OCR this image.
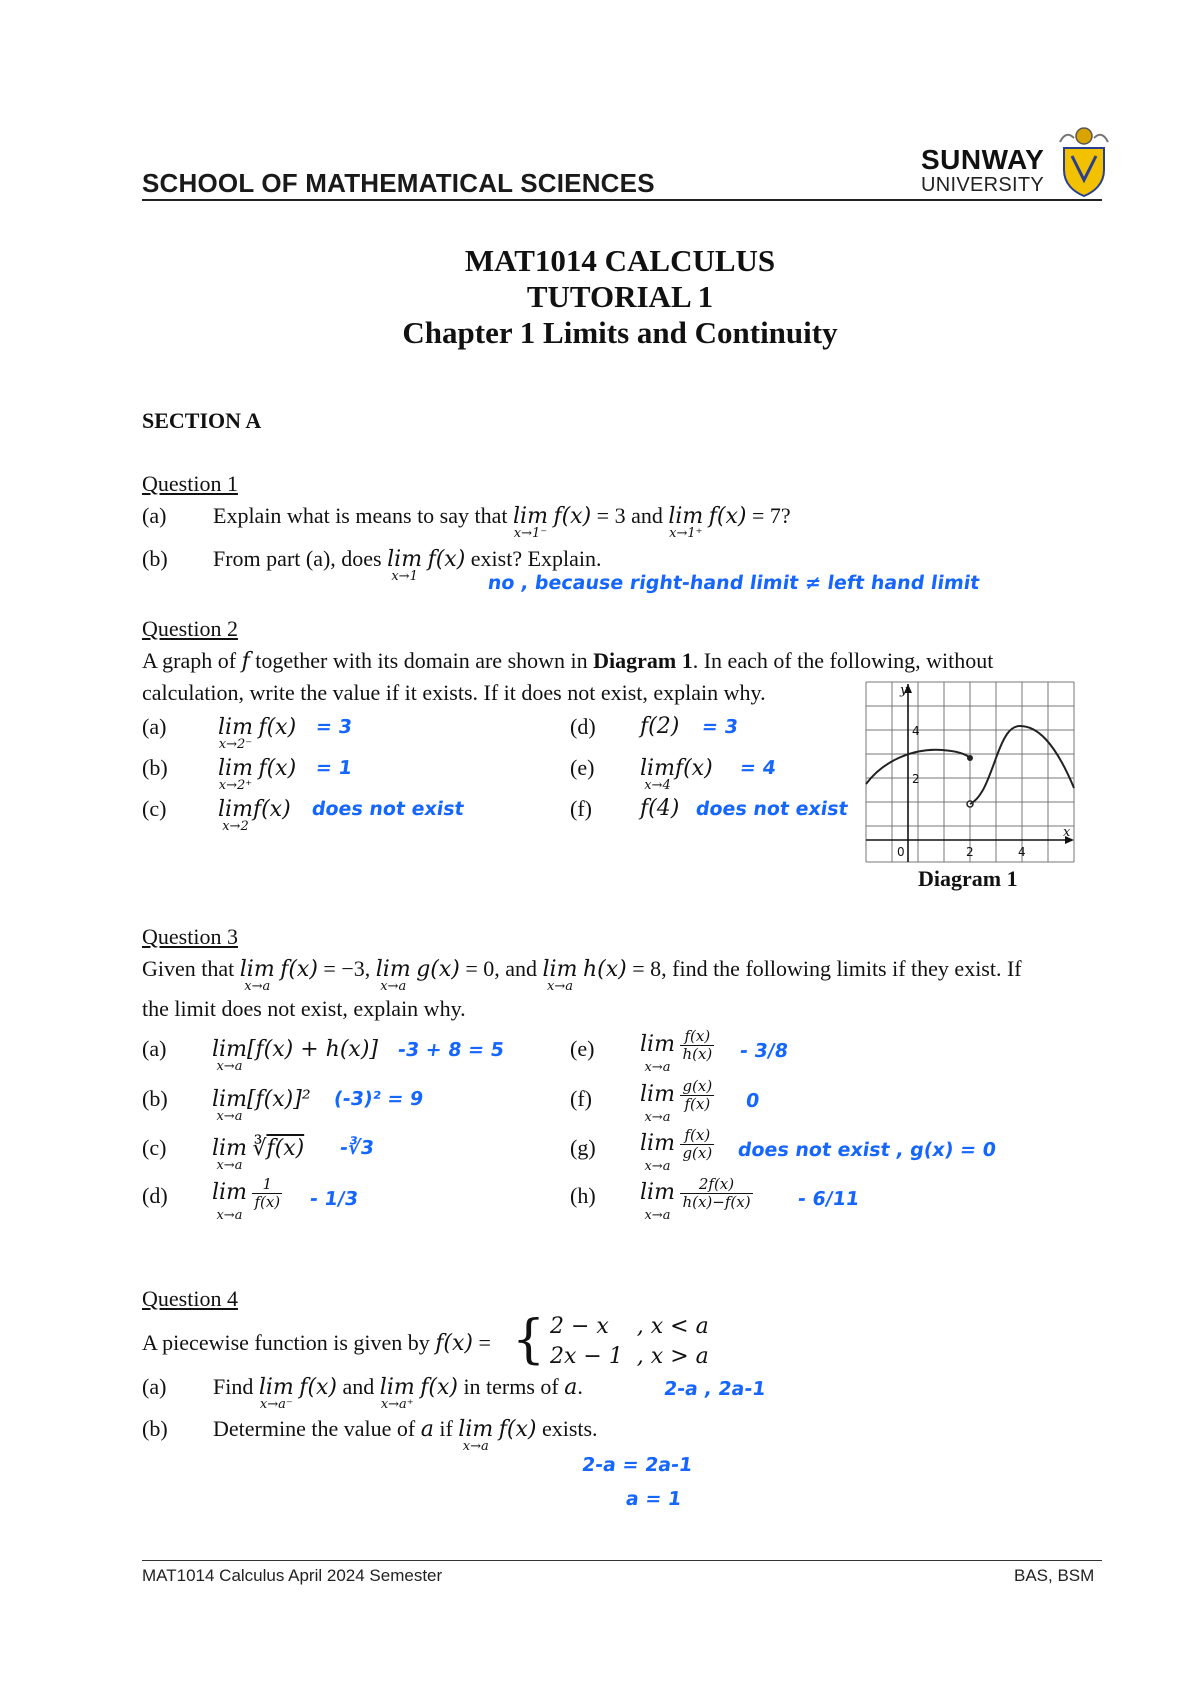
SCHOOL OF MATHEMATICAL SCIENCES
SUNWAY
UNIVERSITY
MAT1014 CALCULUS
TUTORIAL 1
Chapter 1 Limits and Continuity
SECTION A
Question 1
(a) Explain what is means to say that lim
x→1⁻
f(x) = 3 and lim
x→1⁺
f(x) = 7?
(b) From part (a), does lim
x→1
f(x) exist? Explain.
no , because right-hand limit ≠ left hand limit
Question 2
A graph of f together with its domain are shown in Diagram 1. In each of the following, without
calculation, write the value if it exists. If it does not exist, explain why.
(a) lim
x→2⁻
f(x) = 3
(b) lim
x→2⁺
f(x) = 1
(c) lim
x→2
f(x) does not exist
(d) f(2) = 3
(e) lim
x→4
f(x) = 4
(f) f(4) does not exist
y
x
0	2	4
2
4
Diagram 1
Question 3
Given that lim
x→a
f(x) = −3, lim
x→a
g(x) = 0, and lim
x→a
h(x) = 8, find the following limits if they exist. If
the limit does not exist, explain why.
(a) lim
x→a
[f(x) + h(x)] -3 + 8 = 5
(b) lim
x→a
[f(x)]² (-3)² = 9
(c) lim
x→a
∛f(x) -∛3
(d) lim
x→a

$\frac{1}{f(x)} - 1/3$
(e) lim
x→a

$\frac{f(x)}{h(x)} - 3/8$
(f) lim
x→a

$\frac{g(x)}{f(x)} 0$
(g) lim
x→a

$\frac{f(x)}{g(x)}$ does not exist , g(x) = 0
(h) lim
x→a

$\frac{2f(x)}{h(x)-f(x)} - 6/11$
Question 4
A piecewise function is given by f(x) = { 2 − x    , x < a
2x − 1  , x > a
(a) Find lim
x→a⁻
f(x) and lim
x→a⁺
f(x) in terms of a.	2-a , 2a-1
(b) Determine the value of a if lim
x→a
f(x) exists.
2-a = 2a-1
a = 1
MAT1014 Calculus April 2024 Semester	BAS, BSM
